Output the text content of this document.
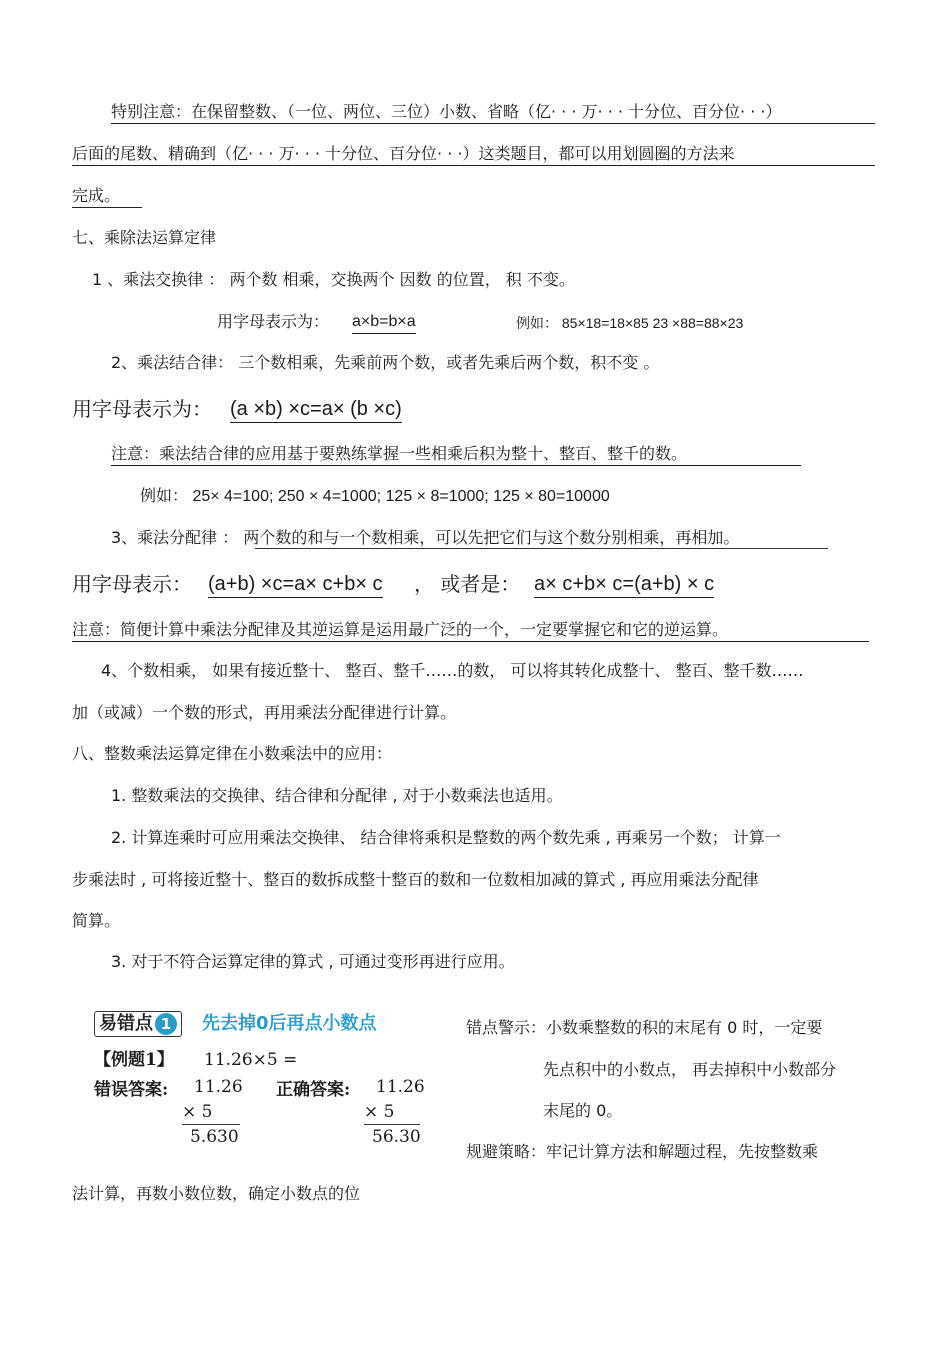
特别注意：在保留整数、（一位、两位、三位）小数、省略（亿· · · 万· · · 十分位、百分位· · ·）
后面的尾数、精确到（亿· · · 万· · · 十分位、百分位· · ·）这类题目，都可以用划圆圈的方法来
完成。
七、乘除法运算定律
1 、乘法交换律 ： 两个数 相乘，交换两个 因数 的位置， 积 不变。
用字母表示为： a×b=b×a	例如： 85×18=18×85 23 ×88=88×23
2、乘法结合律： 三个数相乘，先乘前两个数，或者先乘后两个数，积不变 。
用字母表示为： (a ×b) ×c=a× (b ×c)
注意：乘法结合律的应用基于要熟练掌握一些相乘后积为整十、整百、整千的数。
例如： 25× 4=100; 250 × 4=1000; 125 × 8=1000; 125 × 80=10000
3、乘法分配律 ： 两个数的和与一个数相乘，可以先把它们与这个数分别相乘，再相加。
用字母表示： (a+b) ×c=a× c+b× c ， 或者是： a× c+b× c=(a+b) × c
注意：简便计算中乘法分配律及其逆运算是运用最广泛的一个，一定要掌握它和它的逆运算。
4、个数相乘， 如果有接近整十、 整百、整千……的数， 可以将其转化成整十、 整百、整千数……
加（或减）一个数的形式，再用乘法分配律进行计算。
八、整数乘法运算定律在小数乘法中的应用：
1. 整数乘法的交换律、结合律和分配律 , 对于小数乘法也适用。
2. 计算连乘时可应用乘法交换律、 结合律将乘积是整数的两个数先乘 , 再乘另一个数； 计算一
步乘法时 , 可将接近整十、整百的数拆成整十整百的数和一位数相加减的算式 , 再应用乘法分配律
简算。
3. 对于不符合运算定律的算式 , 可通过变形再进行应用。
易错点 1	先去掉0后再点小数点
【例题1】 11.26×5 =
错误答案: 11.26
× 5
5.630
正确答案: 11.26
× 5
56.30
错点警示：小数乘整数的积的末尾有 0 时，一定要
先点积中的小数点， 再去掉积中小数部分
末尾的 0。
规避策略：牢记计算方法和解题过程，先按整数乘
法计算，再数小数位数，确定小数点的位
